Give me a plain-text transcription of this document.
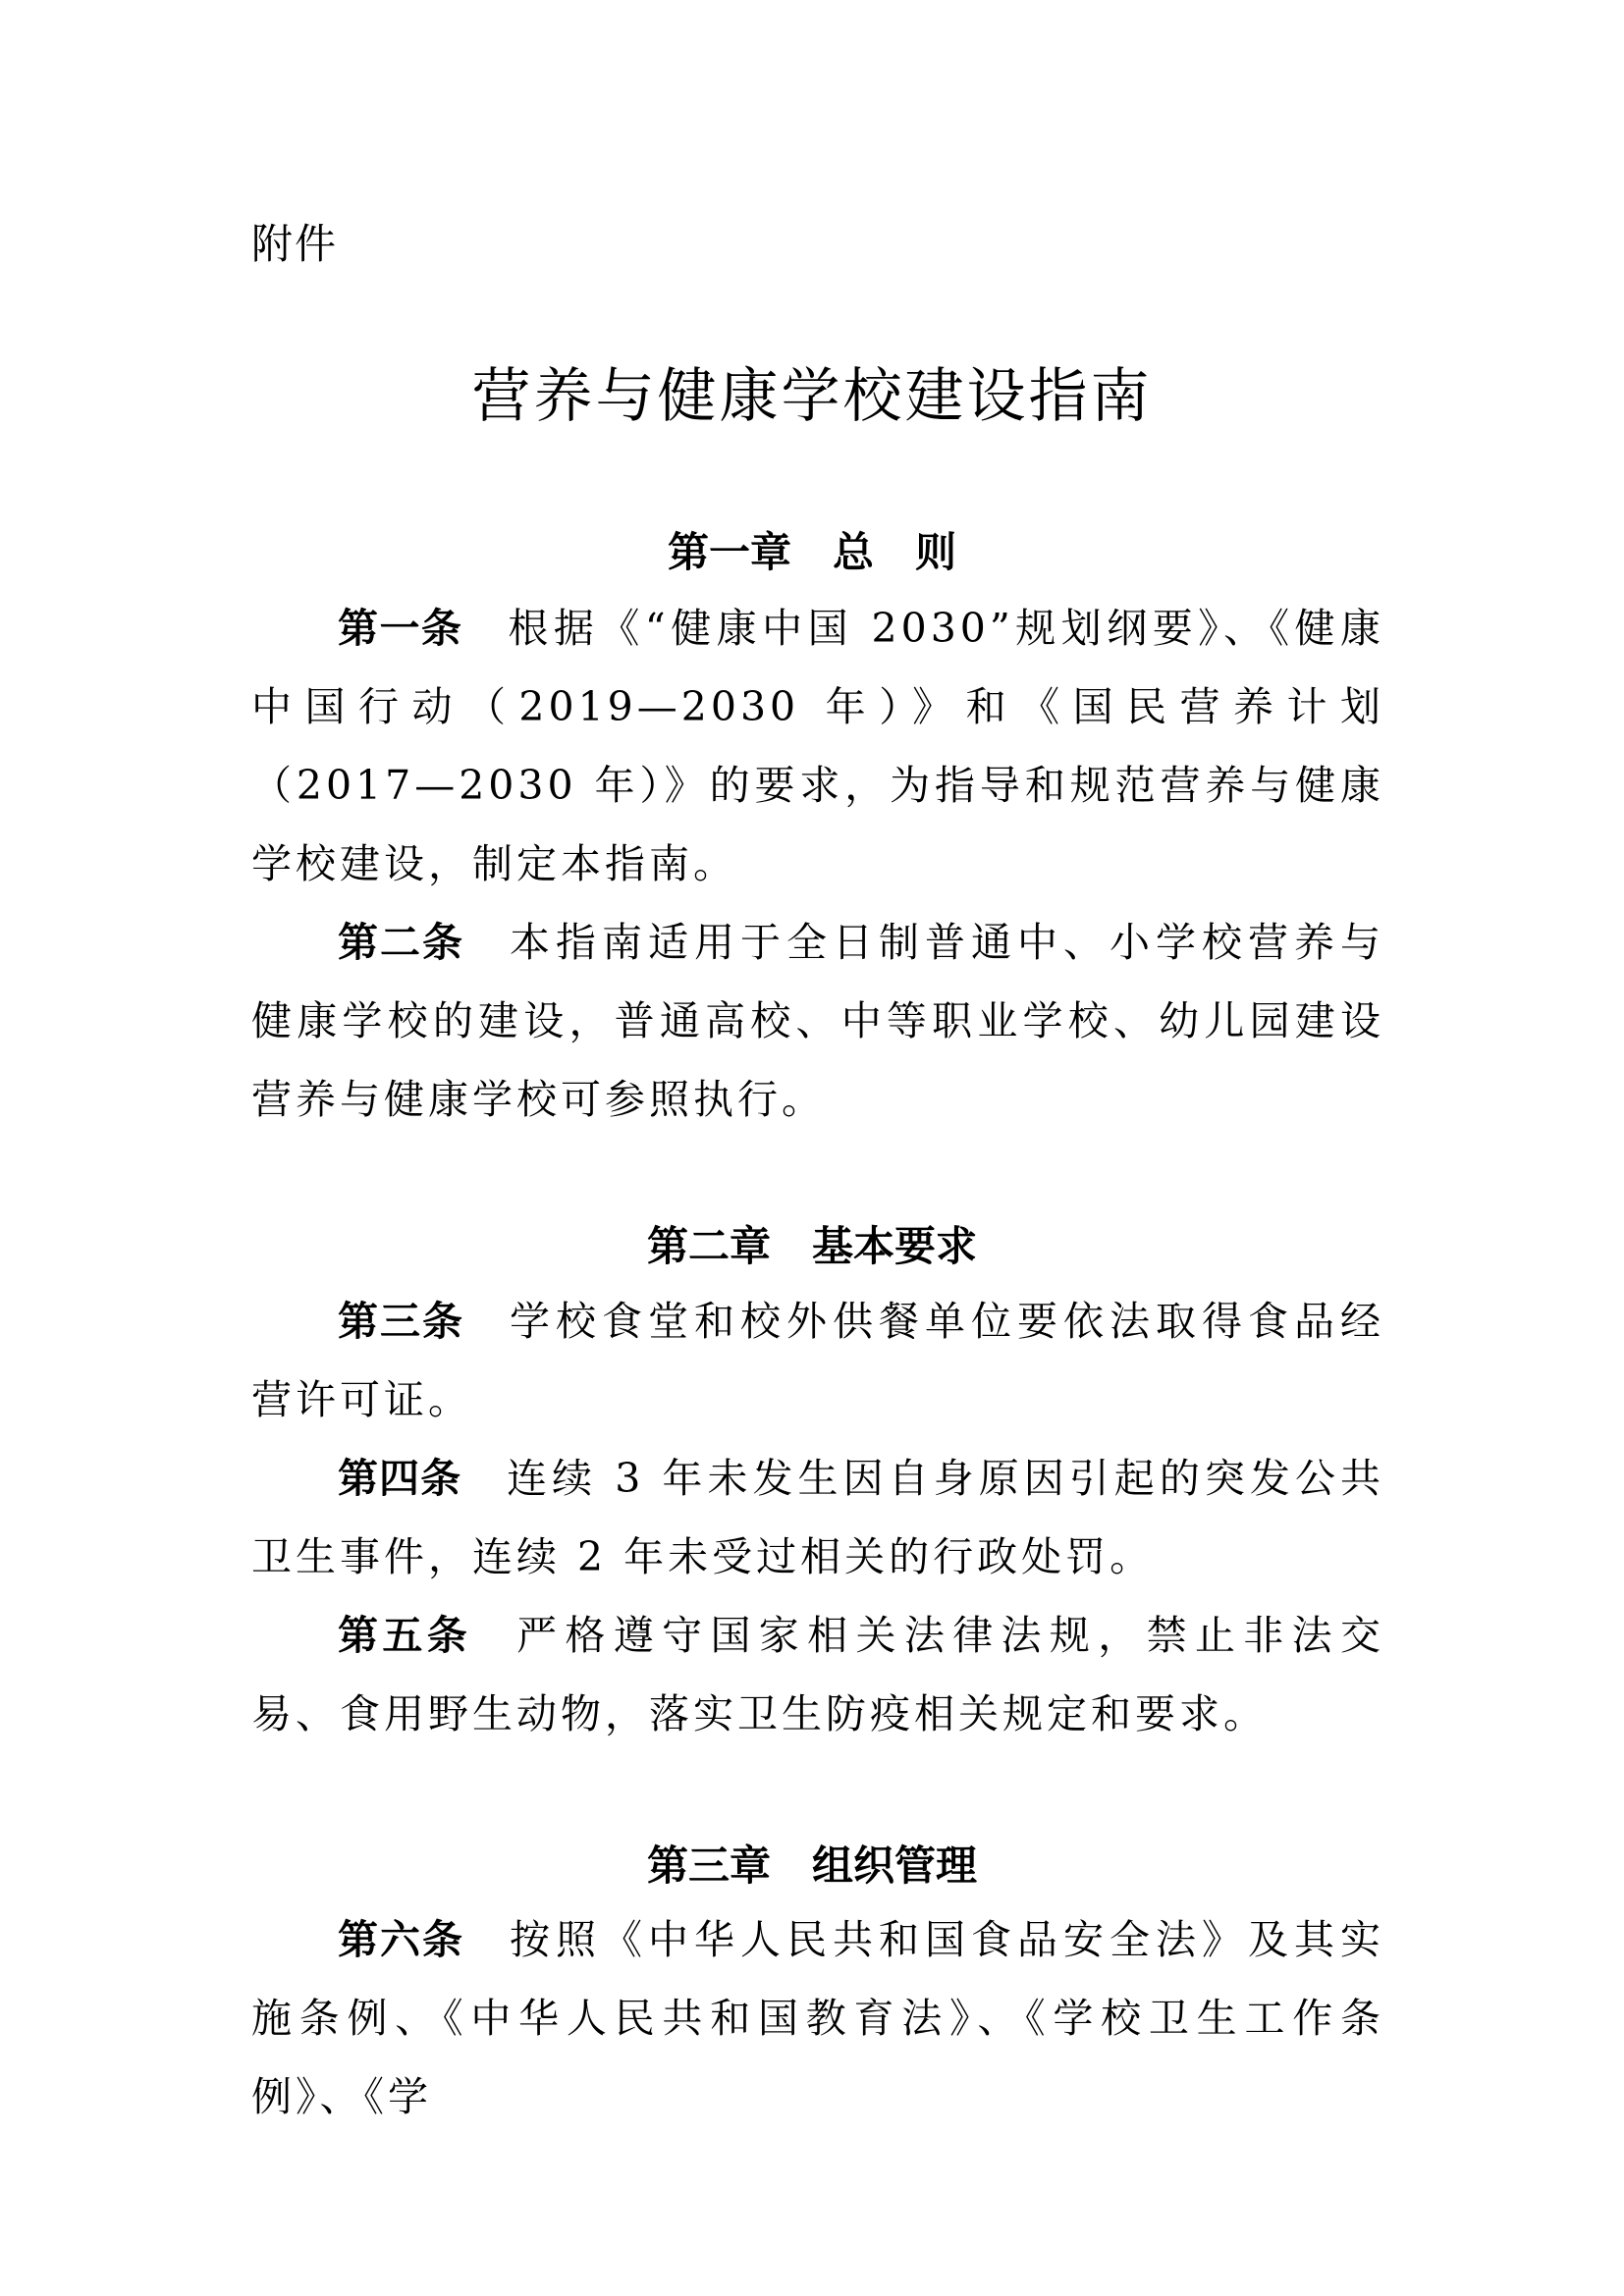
附件
营养与健康学校建设指南
第一章 总　则
第一条 根据《“健康中国 2030”规划纲要》、《健康中国行动（2019—2030 年）》和《国民营养计划（2017—2030 年）》的要求，为指导和规范营养与健康学校建设，制定本指南。
第二条 本指南适用于全日制普通中、小学校营养与健康学校的建设，普通高校、中等职业学校、幼儿园建设营养与健康学校可参照执行。
第二章 基本要求
第三条 学校食堂和校外供餐单位要依法取得食品经营许可证。
第四条 连续 3 年未发生因自身原因引起的突发公共卫生事件，连续 2 年未受过相关的行政处罚。
第五条 严格遵守国家相关法律法规，禁止非法交易、食用野生动物，落实卫生防疫相关规定和要求。
第三章 组织管理
第六条 按照《中华人民共和国食品安全法》及其实施条例、《中华人民共和国教育法》、《学校卫生工作条例》、《学
